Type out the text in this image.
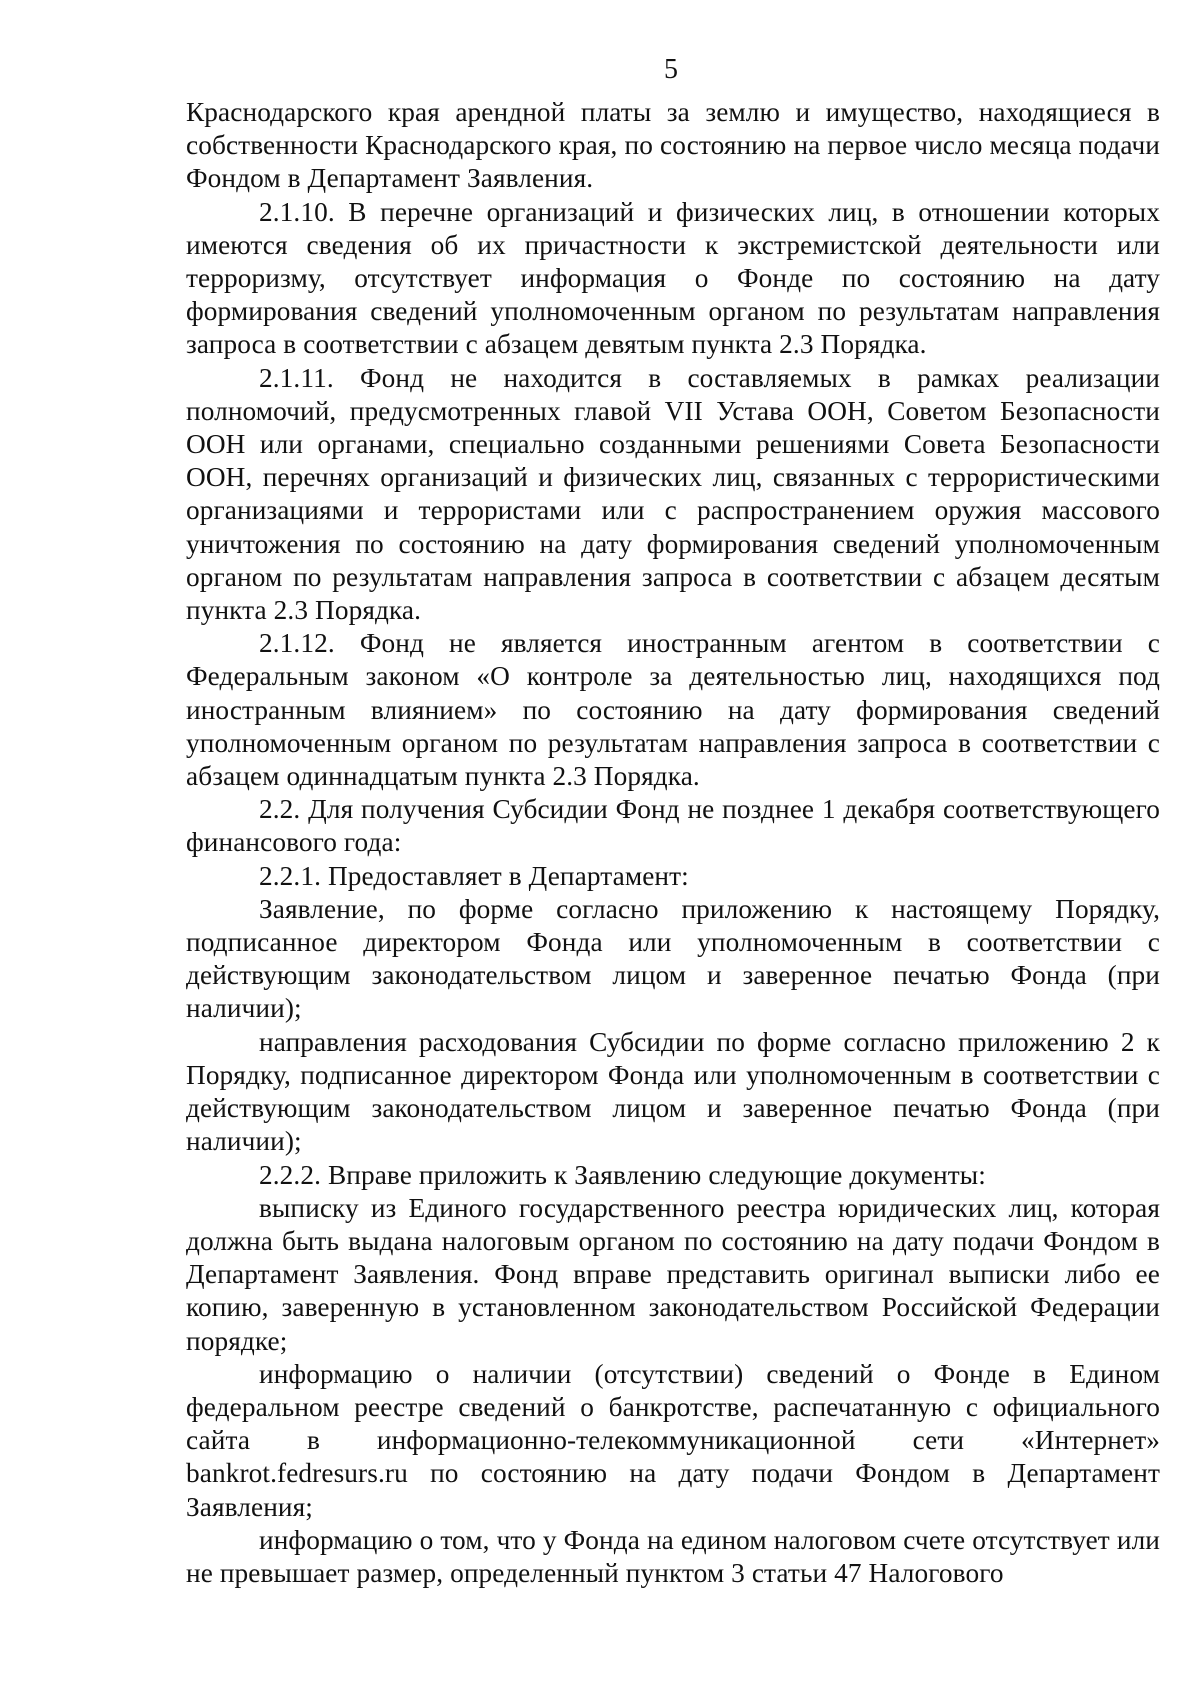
5

Краснодарского края арендной платы за землю и имущество, находящиеся в собственности Краснодарского края, по состоянию на первое число месяца подачи Фондом в Департамент Заявления.

2.1.10. В перечне организаций и физических лиц, в отношении которых имеются сведения об их причастности к экстремистской деятельности или терроризму, отсутствует информация о Фонде по состоянию на дату формирования сведений уполномоченным органом по результатам направления запроса в соответствии с абзацем девятым пункта 2.3 Порядка.

2.1.11. Фонд не находится в составляемых в рамках реализации полномочий, предусмотренных главой VII Устава ООН, Советом Безопасности ООН или органами, специально созданными решениями Совета Безопасности ООН, перечнях организаций и физических лиц, связанных с террористическими организациями и террористами или с распространением оружия массового уничтожения по состоянию на дату формирования сведений уполномоченным органом по результатам направления запроса в соответствии с абзацем десятым пункта 2.3 Порядка.

2.1.12. Фонд не является иностранным агентом в соответствии с Федеральным законом «О контроле за деятельностью лиц, находящихся под иностранным влиянием» по состоянию на дату формирования сведений уполномоченным органом по результатам направления запроса в соответствии с абзацем одиннадцатым пункта 2.3 Порядка.

2.2. Для получения Субсидии Фонд не позднее 1 декабря соответствующего финансового года:

2.2.1. Предоставляет в Департамент:

Заявление, по форме согласно приложению к настоящему Порядку, подписанное директором Фонда или уполномоченным в соответствии с действующим законодательством лицом и заверенное печатью Фонда (при наличии);

направления расходования Субсидии по форме согласно приложению 2 к Порядку, подписанное директором Фонда или уполномоченным в соответствии с действующим законодательством лицом и заверенное печатью Фонда (при наличии);

2.2.2. Вправе приложить к Заявлению следующие документы:

выписку из Единого государственного реестра юридических лиц, которая должна быть выдана налоговым органом по состоянию на дату подачи Фондом в Департамент Заявления. Фонд вправе представить оригинал выписки либо ее копию, заверенную в установленном законодательством Российской Федерации порядке;

информацию о наличии (отсутствии) сведений о Фонде в Едином федеральном реестре сведений о банкротстве, распечатанную с официального сайта в информационно-телекоммуникационной сети «Интернет» bankrot.fedresurs.ru по состоянию на дату подачи Фондом в Департамент Заявления;

информацию о том, что у Фонда на едином налоговом счете отсутствует или не превышает размер, определенный пунктом 3 статьи 47 Налогового
